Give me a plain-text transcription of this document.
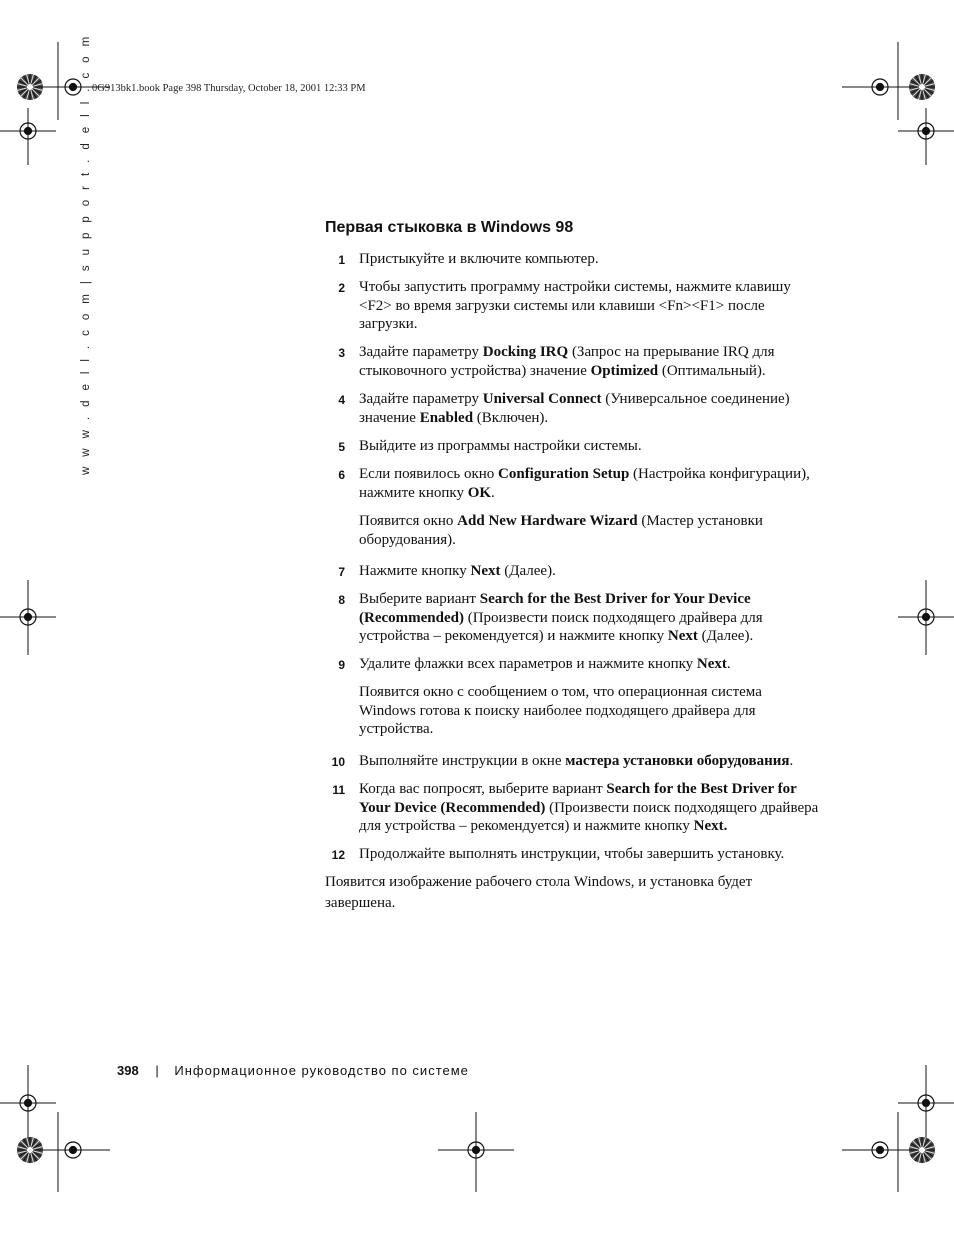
0G913bk1.book Page 398 Thursday, October 18, 2001 12:33 PM
w w w . d e l l . c o m | s u p p o r t . d e l l . c o m	Первая стыковка в Windows 98
1 Пристыкуйте и включите компьютер.
2 Чтобы запустить программу настройки системы, нажмите клавишу <F2> во время загрузки системы или клавиши <Fn><F1> после загрузки.
3 Задайте параметру Docking IRQ (Запрос на прерывание IRQ для стыковочного устройства) значение Optimized (Оптимальный).
4 Задайте параметру Universal Connect (Универсальное соединение) значение Enabled (Включен).
5 Выйдите из программы настройки системы.
6 Если появилось окно Configuration Setup (Настройка конфигурации), нажмите кнопку OK.
Появится окно Add New Hardware Wizard (Мастер установки оборудования).
7 Нажмите кнопку Next (Далее).
8 Выберите вариант Search for the Best Driver for Your Device (Recommended) (Произвести поиск подходящего драйвера для устройства – рекомендуется) и нажмите кнопку Next (Далее).
9 Удалите флажки всех параметров и нажмите кнопку Next.
Появится окно с сообщением о том, что операционная система Windows готова к поиску наиболее подходящего драйвера для устройства.
10 Выполняйте инструкции в окне мастера установки оборудования.
11 Когда вас попросят, выберите вариант Search for the Best Driver for Your Device (Recommended) (Произвести поиск подходящего драйвера для устройства – рекомендуется) и нажмите кнопку Next.
12 Продолжайте выполнять инструкции, чтобы завершить установку.
Появится изображение рабочего стола Windows, и установка будет завершена.
398 | Информационное руководство по системе
